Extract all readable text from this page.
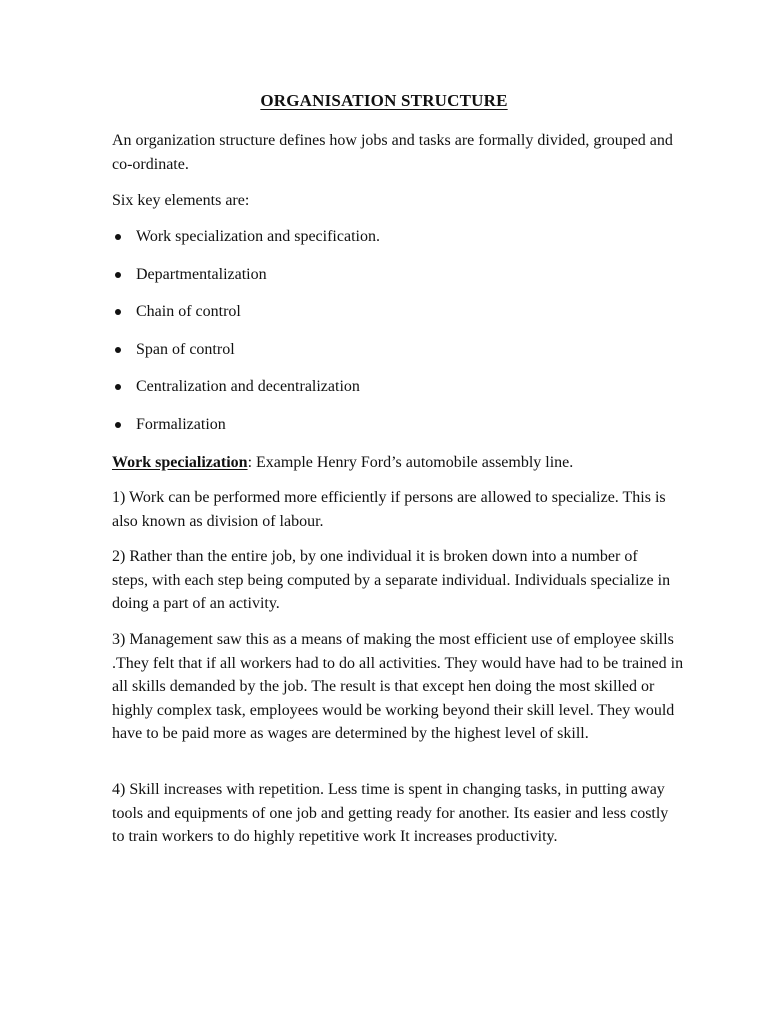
ORGANISATION STRUCTURE

An organization structure defines how jobs and tasks are formally divided, grouped and co-ordinate.

Six key elements are:

Work specialization and specification.
Departmentalization
Chain of control
Span of control
Centralization and decentralization
Formalization

Work specialization: Example Henry Ford’s automobile assembly line.

1) Work can be performed more efficiently if persons are allowed to specialize. This is also known as division of labour.

2) Rather than the entire job, by one individual it is broken down into a number of steps, with each step being computed by a separate individual. Individuals specialize in doing a part of an activity.

3) Management saw this as a means of making the most efficient use of employee skills .They felt that if all workers had to do all activities. They would have had to be trained in all skills demanded by the job. The result is that except hen doing the most skilled or highly complex task, employees would be working beyond their skill level. They would have to be paid more as wages are determined by the highest level of skill.

4) Skill increases with repetition. Less time is spent in changing tasks, in putting away tools and equipments of one job and getting ready for another. Its easier and less costly to train workers to do highly repetitive work It increases productivity.
